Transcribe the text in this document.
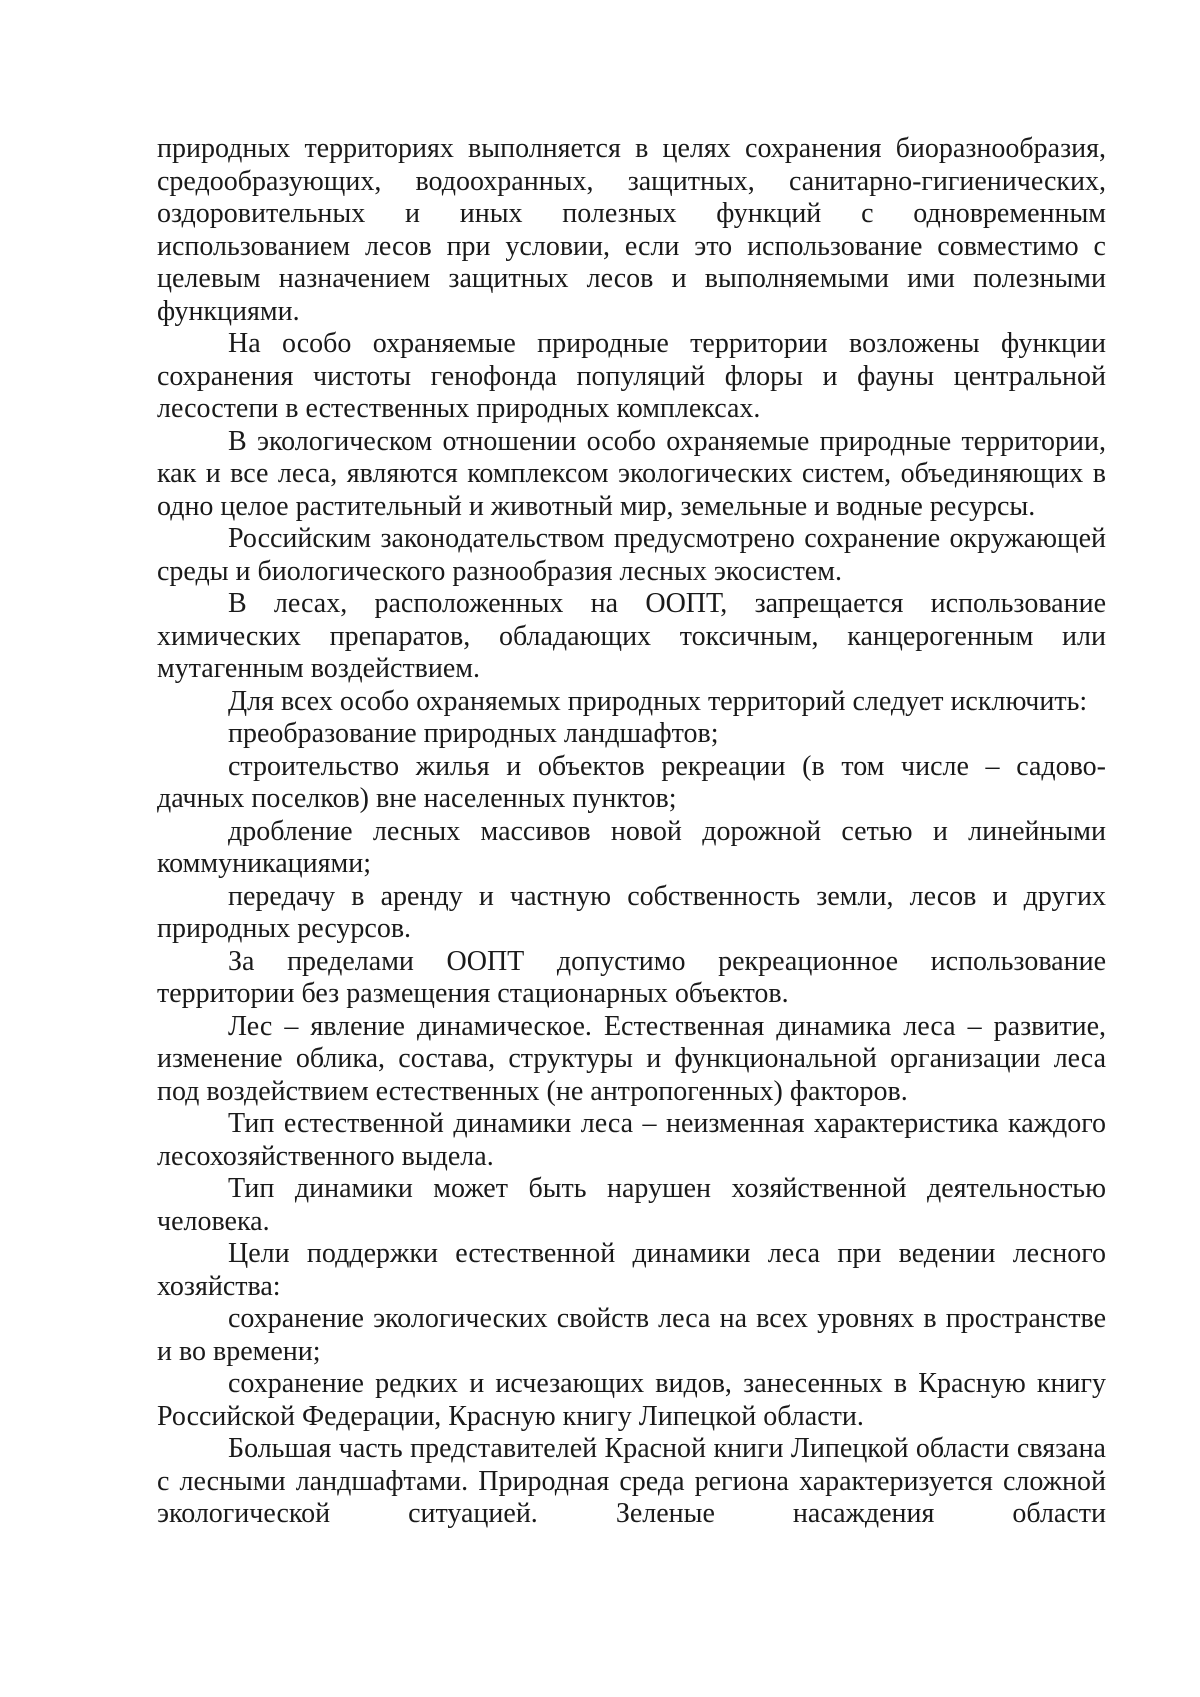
природных территориях выполняется в целях сохранения биоразнообразия, средообразующих, водоохранных, защитных, санитарно-гигиенических, оздоровительных и иных полезных функций с одновременным использованием лесов при условии, если это использование совместимо с целевым назначением защитных лесов и выполняемыми ими полезными функциями.

На особо охраняемые природные территории возложены функции сохранения чистоты генофонда популяций флоры и фауны центральной лесостепи в естественных природных комплексах.

В экологическом отношении особо охраняемые природные территории, как и все леса, являются комплексом экологических систем, объединяющих в одно целое растительный и животный мир, земельные и водные ресурсы.

Российским законодательством предусмотрено сохранение окружающей среды и биологического разнообразия лесных экосистем.

В лесах, расположенных на ООПТ, запрещается использование химических препаратов, обладающих токсичным, канцерогенным или мутагенным воздействием.

Для всех особо охраняемых природных территорий следует исключить:

преобразование природных ландшафтов;

строительство жилья и объектов рекреации (в том числе – садово-дачных поселков) вне населенных пунктов;

дробление лесных массивов новой дорожной сетью и линейными коммуникациями;

передачу в аренду и частную собственность земли, лесов и других природных ресурсов.

За пределами ООПТ допустимо рекреационное использование территории без размещения стационарных объектов.

Лес – явление динамическое. Естественная динамика леса – развитие, изменение облика, состава, структуры и функциональной организации леса под воздействием естественных (не антропогенных) факторов.

Тип естественной динамики леса – неизменная характеристика каждого лесохозяйственного выдела.

Тип динамики может быть нарушен хозяйственной деятельностью человека.

Цели поддержки естественной динамики леса при ведении лесного хозяйства:

сохранение экологических свойств леса на всех уровнях в пространстве и во времени;

сохранение редких и исчезающих видов, занесенных в Красную книгу Российской Федерации, Красную книгу Липецкой области.

Большая часть представителей Красной книги Липецкой области связана с лесными ландшафтами. Природная среда региона характеризуется сложной экологической ситуацией. Зеленые насаждения области
